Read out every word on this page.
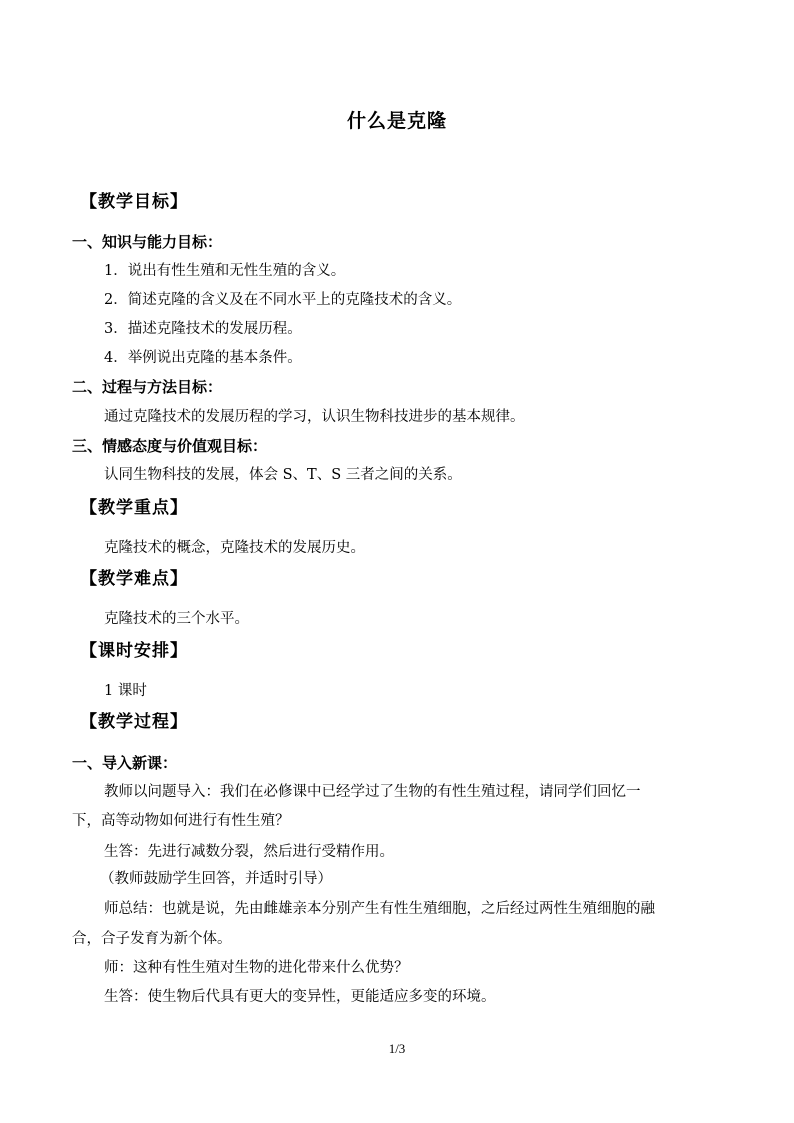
什么是克隆
【教学目标】
一、知识与能力目标：
1．说出有性生殖和无性生殖的含义。
2．简述克隆的含义及在不同水平上的克隆技术的含义。
3．描述克隆技术的发展历程。
4．举例说出克隆的基本条件。
二、过程与方法目标：
通过克隆技术的发展历程的学习，认识生物科技进步的基本规律。
三、情感态度与价值观目标：
认同生物科技的发展，体会 S、T、S 三者之间的关系。
【教学重点】
克隆技术的概念，克隆技术的发展历史。
【教学难点】
克隆技术的三个水平。
【课时安排】
1 课时
【教学过程】
一、导入新课：
教师以问题导入：我们在必修课中已经学过了生物的有性生殖过程，请同学们回忆一
下，高等动物如何进行有性生殖？
生答：先进行减数分裂，然后进行受精作用。
（教师鼓励学生回答，并适时引导）
师总结：也就是说，先由雌雄亲本分别产生有性生殖细胞，之后经过两性生殖细胞的融
合，合子发育为新个体。
师：这种有性生殖对生物的进化带来什么优势？
生答：使生物后代具有更大的变异性，更能适应多变的环境。
1/3
